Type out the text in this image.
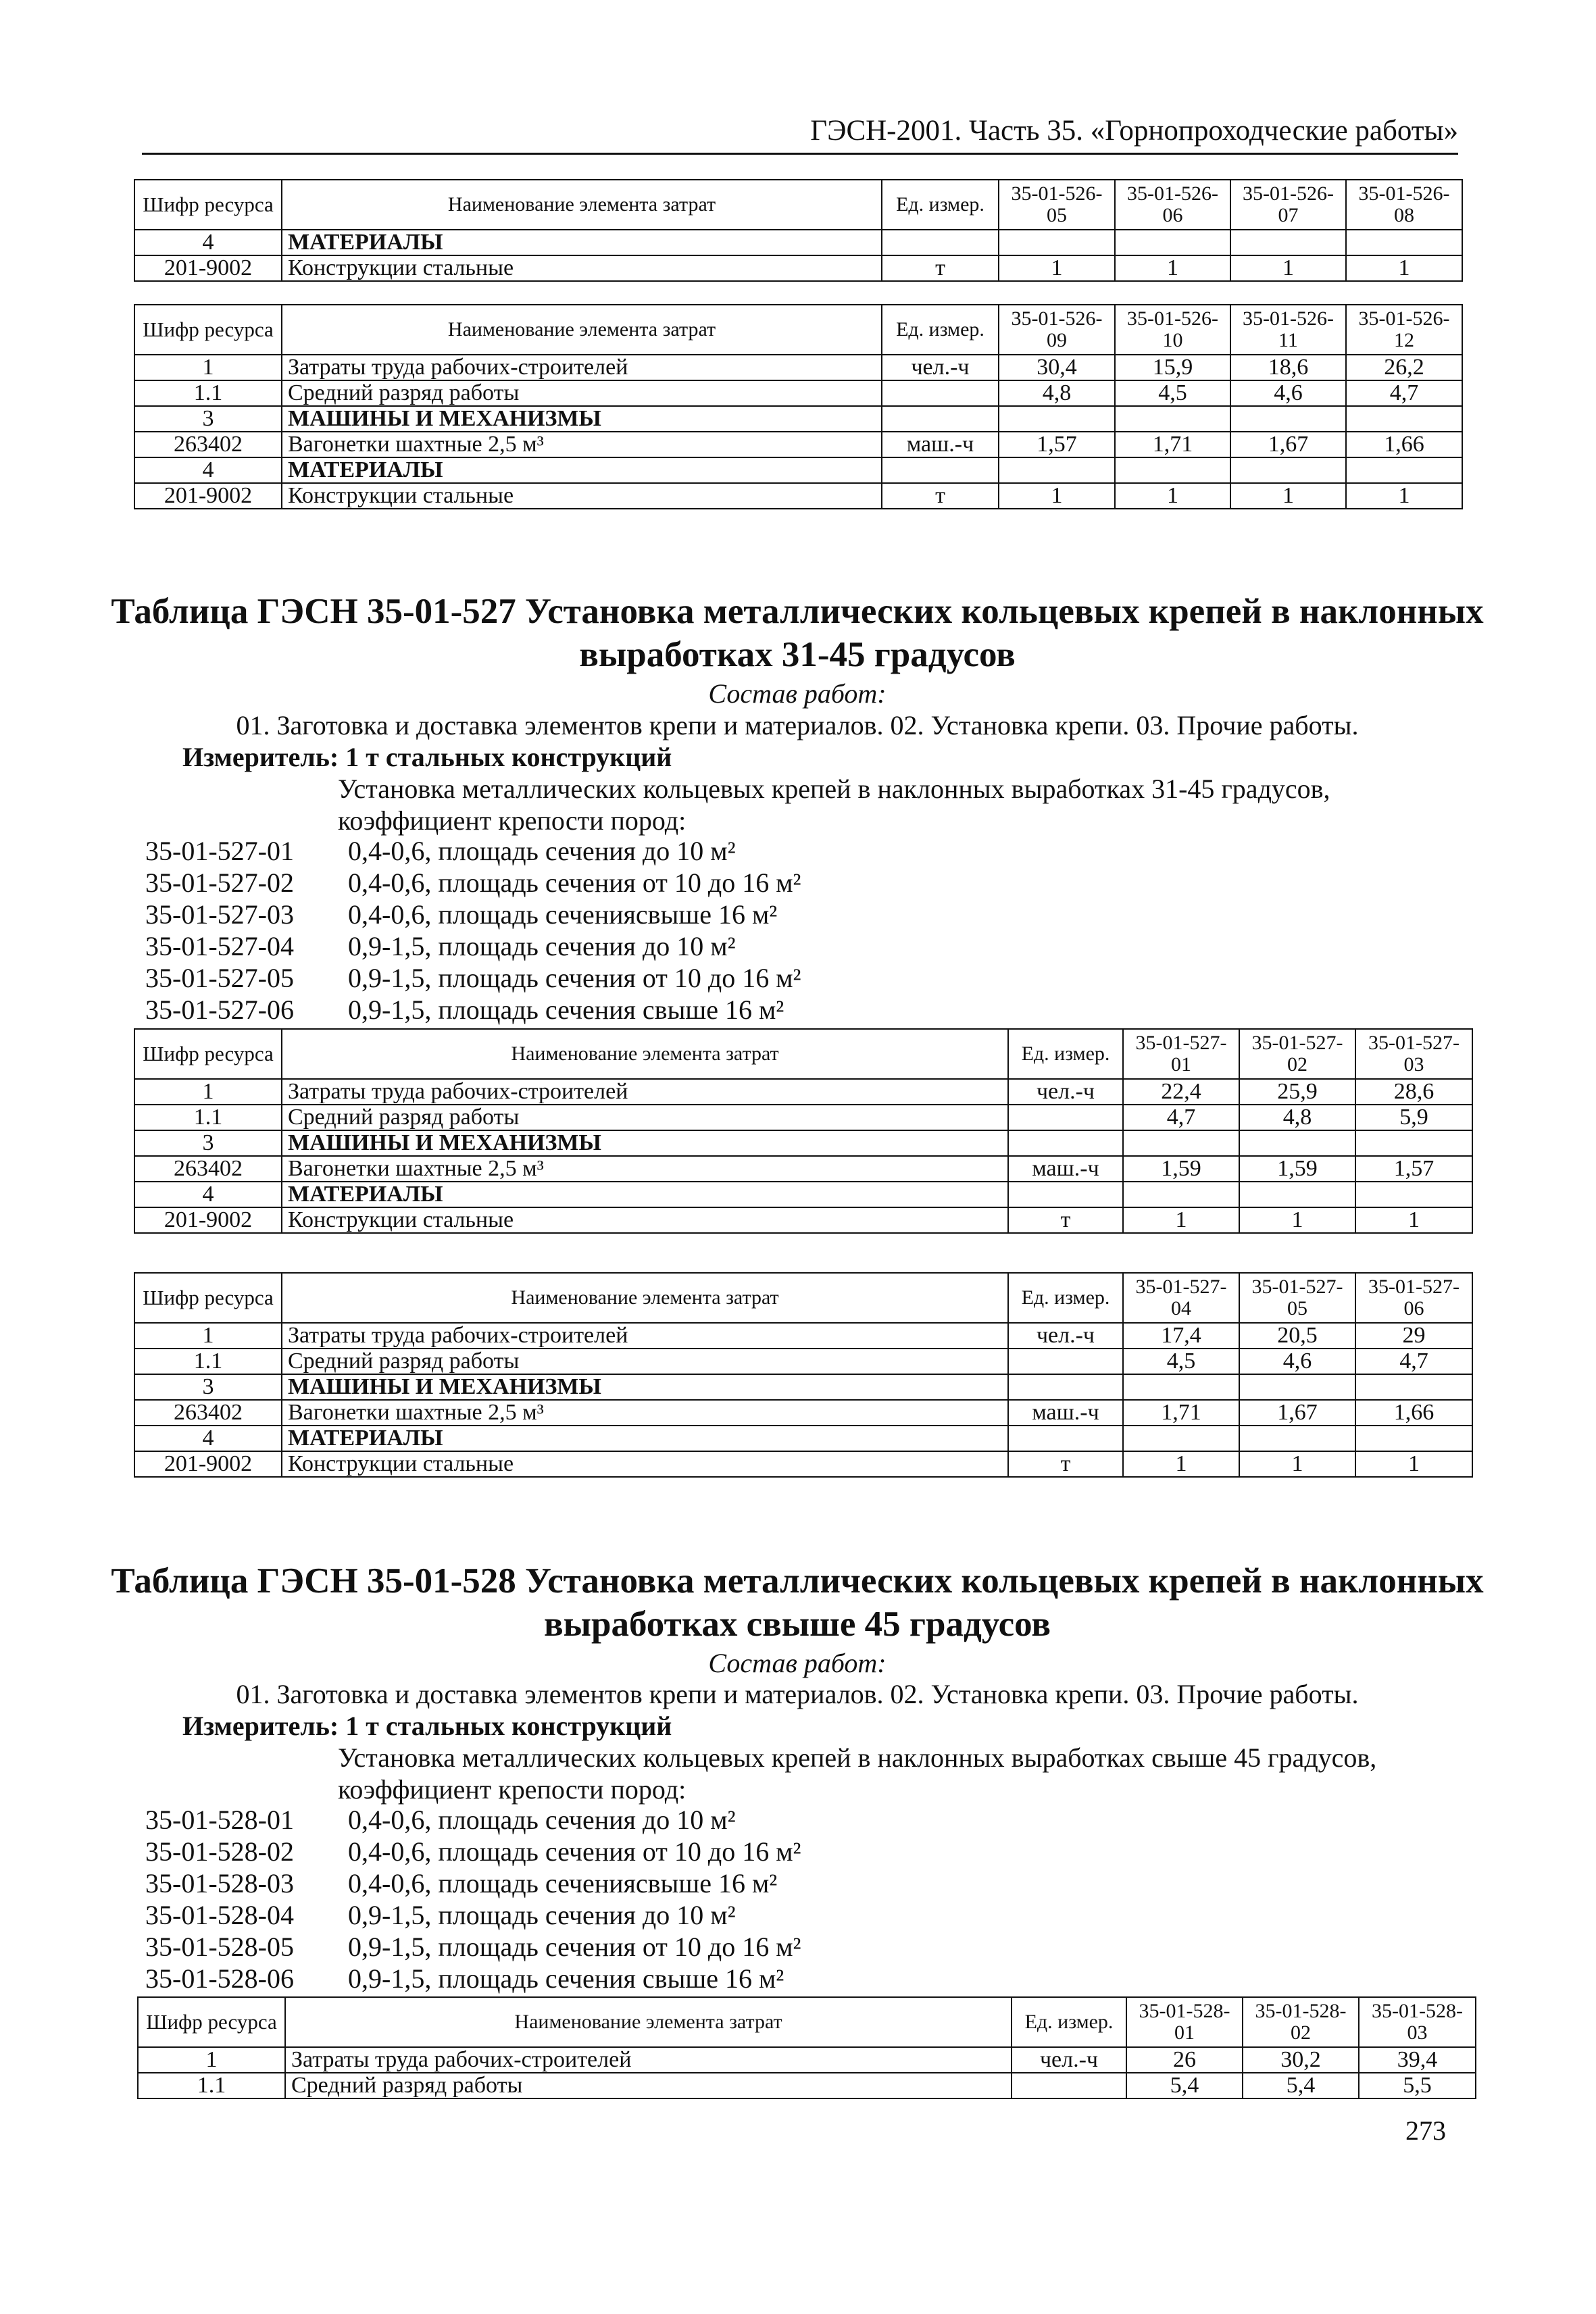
ГЭСН-2001. Часть 35. «Горнопроходческие работы»
Шифр ресурса	Наименование элемента затрат	Ед. измер.	35-01-526-05	35-01-526-06	35-01-526-07	35-01-526-08
4	МАТЕРИАЛЫ					
201-9002	Конструкции стальные	т	1	1	1	1
Шифр ресурса	Наименование элемента затрат	Ед. измер.	35-01-526-09	35-01-526-10	35-01-526-11	35-01-526-12
1	Затраты труда рабочих-строителей	чел.-ч	30,4	15,9	18,6	26,2
1.1	Средний разряд работы		4,8	4,5	4,6	4,7
3	МАШИНЫ И МЕХАНИЗМЫ					
263402	Вагонетки шахтные 2,5 м³	маш.-ч	1,57	1,71	1,67	1,66
4	МАТЕРИАЛЫ					
201-9002	Конструкции стальные	т	1	1	1	1
Таблица ГЭСН 35-01-527 Установка металлических кольцевых крепей в наклонных
выработках 31-45 градусов
Состав работ:
01. Заготовка и доставка элементов крепи и материалов. 02. Установка крепи. 03. Прочие работы.
Измеритель: 1 т стальных конструкций
Установка металлических кольцевых крепей в наклонных выработках 31-45 градусов,
коэффициент крепости пород:
35-01-527-01 0,4-0,6, площадь сечения до 10 м²
35-01-527-02 0,4-0,6, площадь сечения от 10 до 16 м²
35-01-527-03 0,4-0,6, площадь сечениясвыше 16 м²
35-01-527-04 0,9-1,5, площадь сечения до 10 м²
35-01-527-05 0,9-1,5, площадь сечения от 10 до 16 м²
35-01-527-06 0,9-1,5, площадь сечения свыше 16 м²
Шифр ресурса	Наименование элемента затрат	Ед. измер.	35-01-527-01	35-01-527-02	35-01-527-03
1	Затраты труда рабочих-строителей	чел.-ч	22,4	25,9	28,6
1.1	Средний разряд работы		4,7	4,8	5,9
3	МАШИНЫ И МЕХАНИЗМЫ				
263402	Вагонетки шахтные 2,5 м³	маш.-ч	1,59	1,59	1,57
4	МАТЕРИАЛЫ				
201-9002	Конструкции стальные	т	1	1	1
Шифр ресурса	Наименование элемента затрат	Ед. измер.	35-01-527-04	35-01-527-05	35-01-527-06
1	Затраты труда рабочих-строителей	чел.-ч	17,4	20,5	29
1.1	Средний разряд работы		4,5	4,6	4,7
3	МАШИНЫ И МЕХАНИЗМЫ				
263402	Вагонетки шахтные 2,5 м³	маш.-ч	1,71	1,67	1,66
4	МАТЕРИАЛЫ				
201-9002	Конструкции стальные	т	1	1	1
Таблица ГЭСН 35-01-528 Установка металлических кольцевых крепей в наклонных
выработках свыше 45 градусов
Состав работ:
01. Заготовка и доставка элементов крепи и материалов. 02. Установка крепи. 03. Прочие работы.
Измеритель: 1 т стальных конструкций
Установка металлических кольцевых крепей в наклонных выработках свыше 45 градусов,
коэффициент крепости пород:
35-01-528-01 0,4-0,6, площадь сечения до 10 м²
35-01-528-02 0,4-0,6, площадь сечения от 10 до 16 м²
35-01-528-03 0,4-0,6, площадь сечениясвыше 16 м²
35-01-528-04 0,9-1,5, площадь сечения до 10 м²
35-01-528-05 0,9-1,5, площадь сечения от 10 до 16 м²
35-01-528-06 0,9-1,5, площадь сечения свыше 16 м²
Шифр ресурса	Наименование элемента затрат	Ед. измер.	35-01-528-01	35-01-528-02	35-01-528-03
1	Затраты труда рабочих-строителей	чел.-ч	26	30,2	39,4
1.1	Средний разряд работы		5,4	5,4	5,5
273
